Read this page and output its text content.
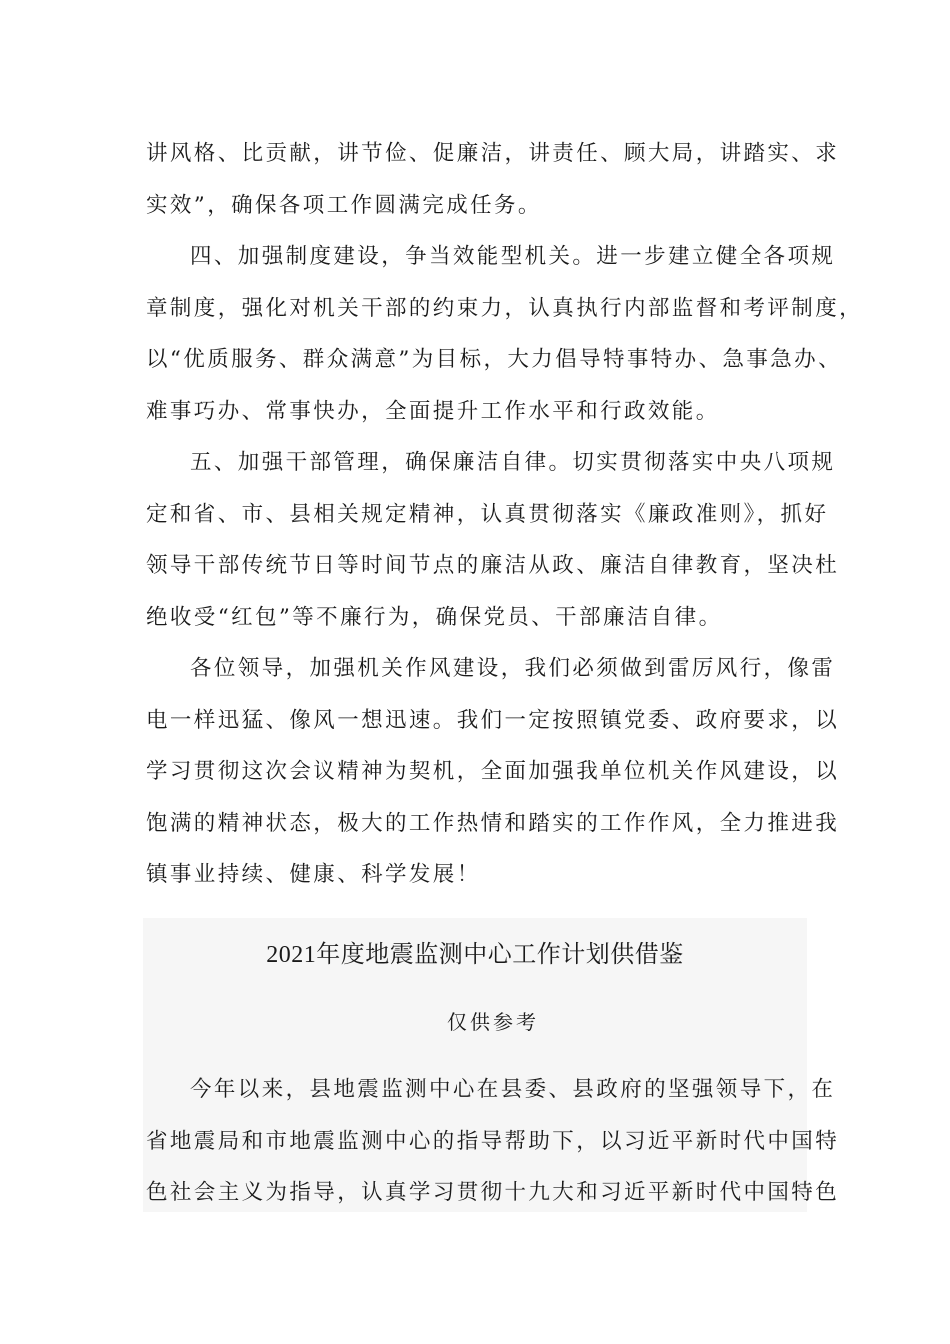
讲风格、比贡献，讲节俭、促廉洁，讲责任、顾大局，讲踏实、求
实效”，确保各项工作圆满完成任务。
四、加强制度建设，争当效能型机关。进一步建立健全各项规
章制度，强化对机关干部的约束力，认真执行内部监督和考评制度，
以“优质服务、群众满意”为目标，大力倡导特事特办、急事急办、
难事巧办、常事快办，全面提升工作水平和行政效能。
五、加强干部管理，确保廉洁自律。切实贯彻落实中央八项规
定和省、市、县相关规定精神，认真贯彻落实《廉政准则》，抓好
领导干部传统节日等时间节点的廉洁从政、廉洁自律教育，坚决杜
绝收受“红包”等不廉行为，确保党员、干部廉洁自律。
各位领导，加强机关作风建设，我们必须做到雷厉风行，像雷
电一样迅猛、像风一想迅速。我们一定按照镇党委、政府要求，以
学习贯彻这次会议精神为契机，全面加强我单位机关作风建设，以
饱满的精神状态，极大的工作热情和踏实的工作作风，全力推进我
镇事业持续、健康、科学发展！
2021年度地震监测中心工作计划供借鉴
仅供参考
今年以来，县地震监测中心在县委、县政府的坚强领导下，在
省地震局和市地震监测中心的指导帮助下，以习近平新时代中国特
色社会主义为指导，认真学习贯彻十九大和习近平新时代中国特色
